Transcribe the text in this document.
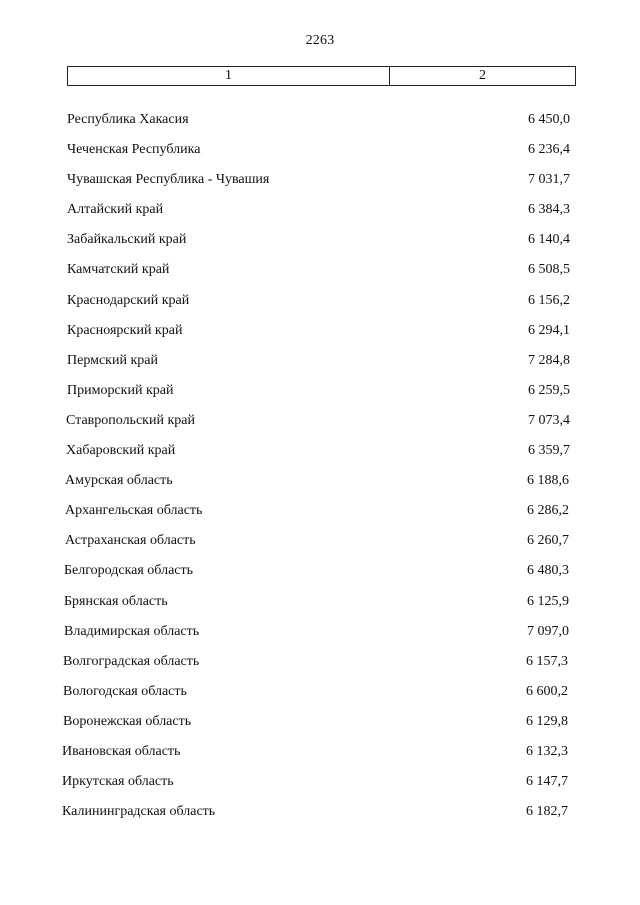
2263
1	2
Республика Хакасия	6 450,0
Чеченская Республика	6 236,4
Чувашская Республика - Чувашия	7 031,7
Алтайский край	6 384,3
Забайкальский край	6 140,4
Камчатский край	6 508,5
Краснодарский край	6 156,2
Красноярский край	6 294,1
Пермский край	7 284,8
Приморский край	6 259,5
Ставропольский край	7 073,4
Хабаровский край	6 359,7
Амурская область	6 188,6
Архангельская область	6 286,2
Астраханская область	6 260,7
Белгородская область	6 480,3
Брянская область	6 125,9
Владимирская область	7 097,0
Волгоградская область	6 157,3
Вологодская область	6 600,2
Воронежская область	6 129,8
Ивановская область	6 132,3
Иркутская область	6 147,7
Калининградская область	6 182,7
